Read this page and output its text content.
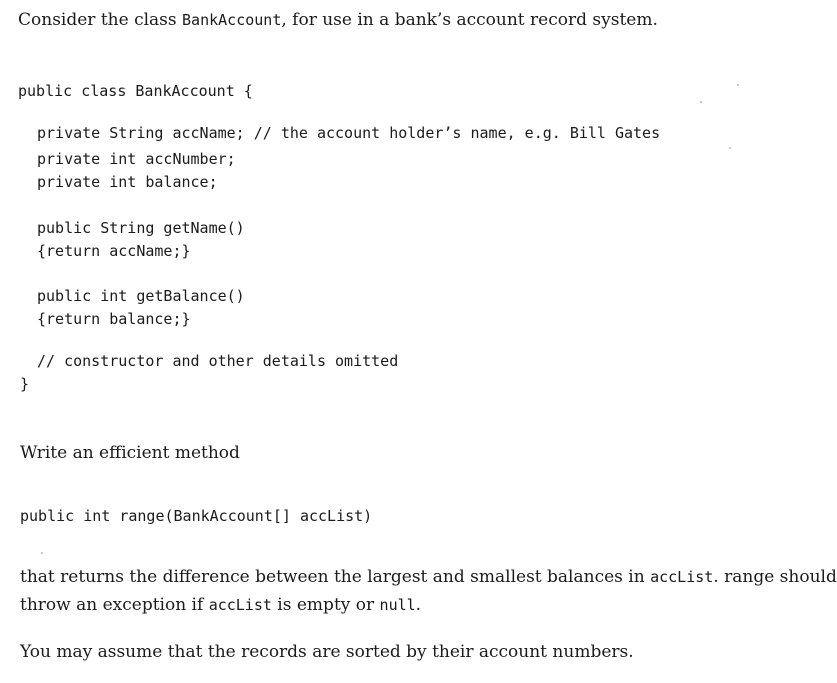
Consider the class BankAccount, for use in a bank’s account record system.
public class BankAccount {
private String accName; // the account holder’s name, e.g. Bill Gates
private int accNumber;
private int balance;
public String getName()
{return accName;}
public int getBalance()
{return balance;}
// constructor and other details omitted
}
Write an efficient method
public int range(BankAccount[] accList)
that returns the difference between the largest and smallest balances in accList. range should
throw an exception if accList is empty or null.
You may assume that the records are sorted by their account numbers.
